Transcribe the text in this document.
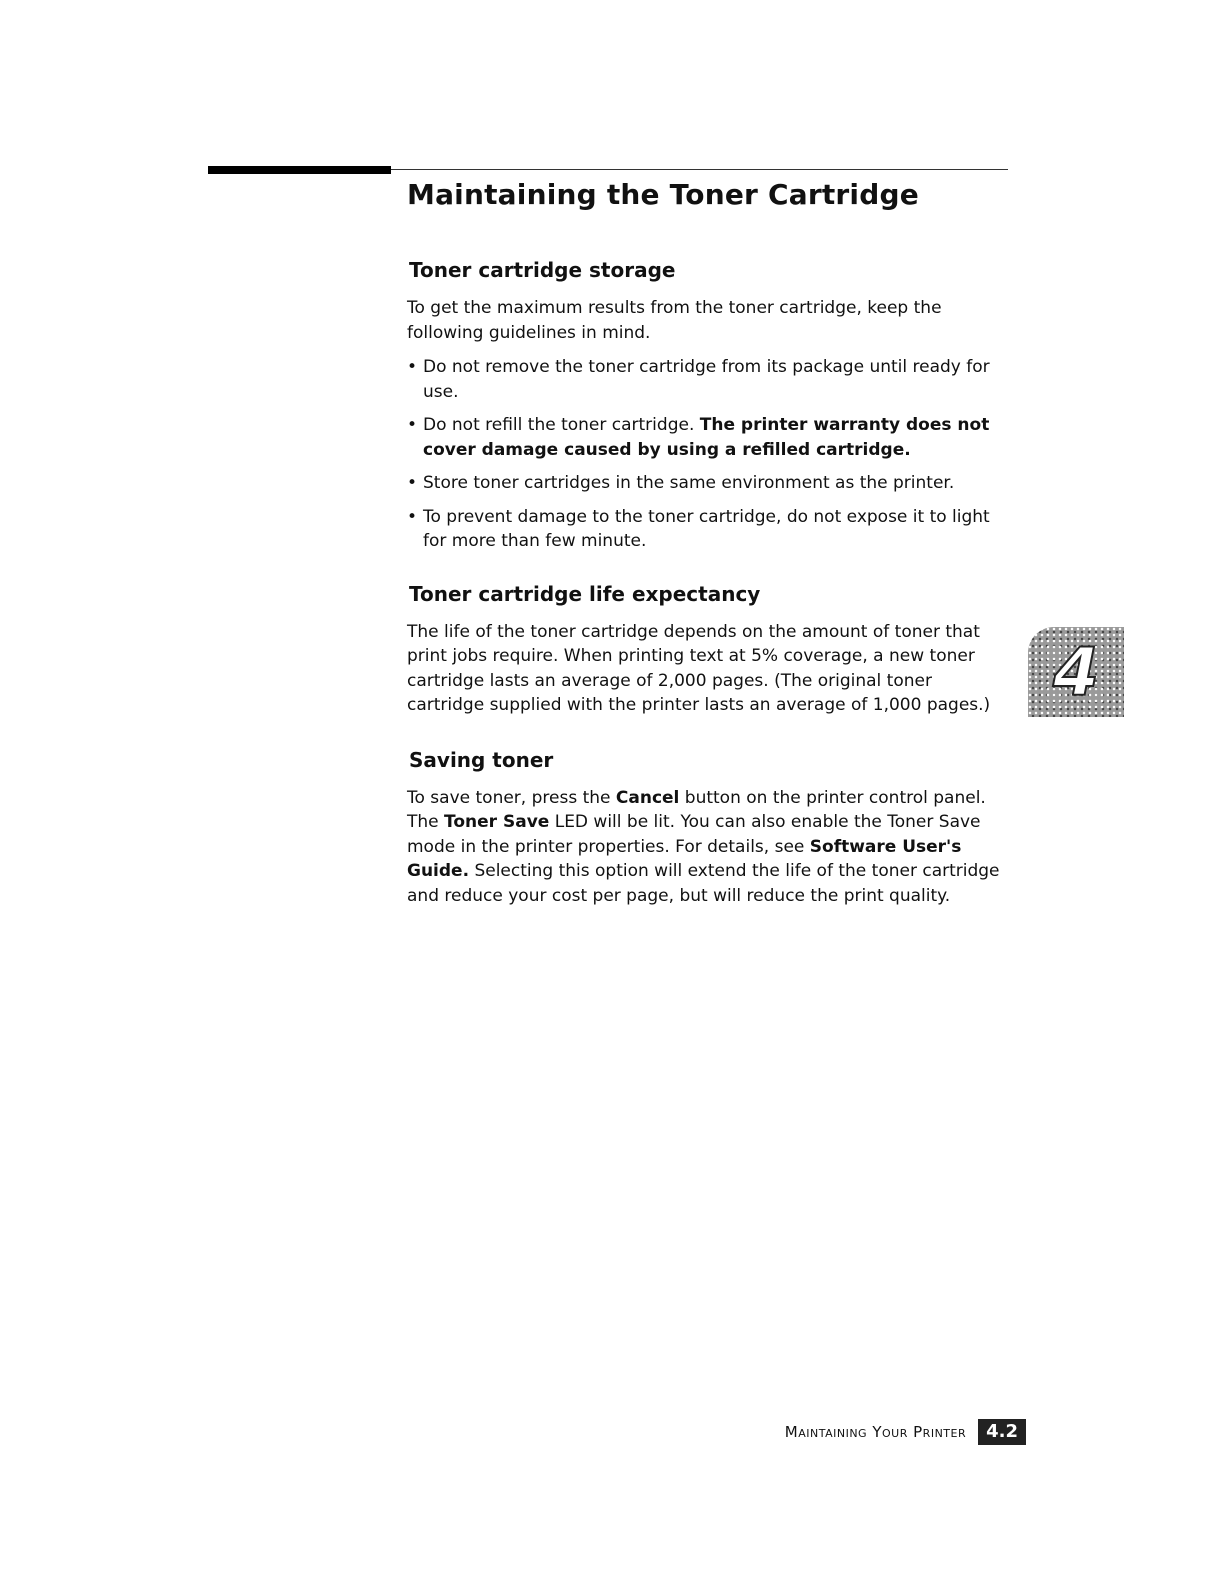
Maintaining the Toner Cartridge
Toner cartridge storage

To get the maximum results from the toner cartridge, keep the following guidelines in mind.

• Do not remove the toner cartridge from its package until ready for use.
• Do not refill the toner cartridge. The printer warranty does not cover damage caused by using a refilled cartridge.
• Store toner cartridges in the same environment as the printer.
• To prevent damage to the toner cartridge, do not expose it to light for more than few minute.
Toner cartridge life expectancy

The life of the toner cartridge depends on the amount of toner that print jobs require. When printing text at 5% coverage, a new toner cartridge lasts an average of 2,000 pages. (The original toner cartridge supplied with the printer lasts an average of 1,000 pages.)

Saving toner

To save toner, press the Cancel button on the printer control panel. The Toner Save LED will be lit. You can also enable the Toner Save mode in the printer properties. For details, see Software User's Guide. Selecting this option will extend the life of the toner cartridge and reduce your cost per page, but will reduce the print quality.

4
Maintaining Your Printer	4.2
